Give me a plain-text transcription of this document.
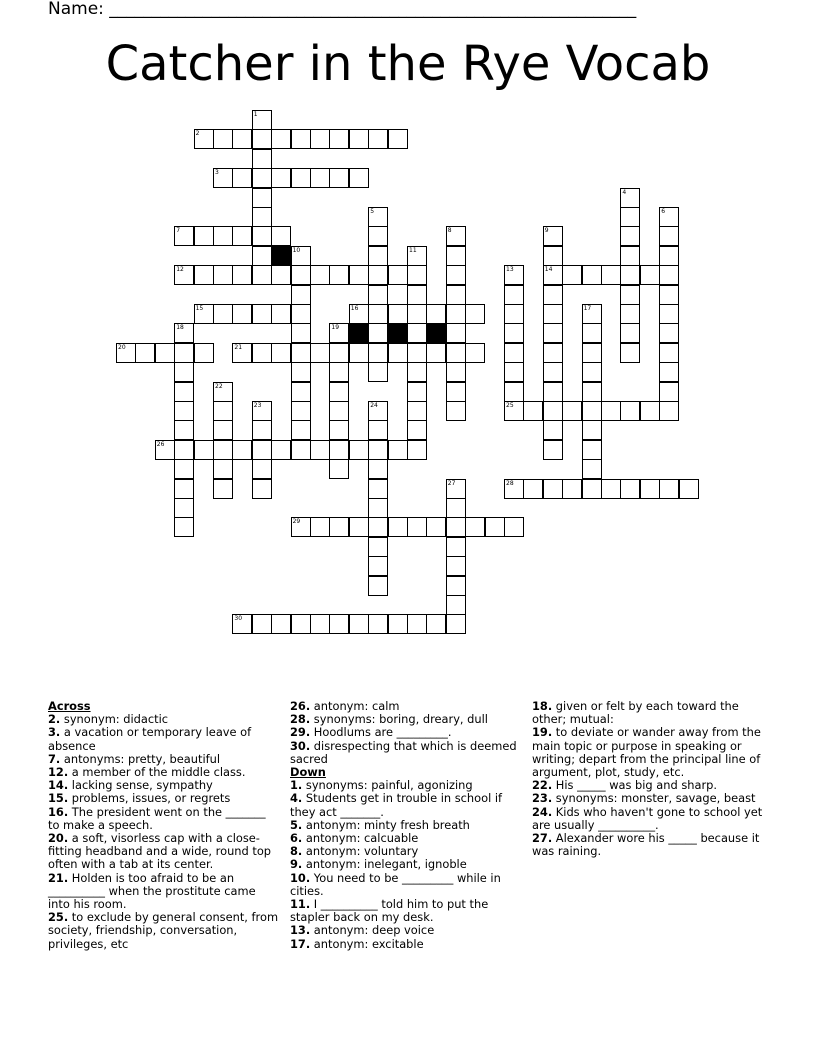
Name: ______________________________________________________________
Catcher in the Rye Vocab
1
2
3
4
5	6
7	8	9
14
10	11
12	13
25
15	16	17
18	19
20	21
22
23	24
26
27	28
29
30
Across
2. synonym: didactic
3. a vacation or temporary leave of absence
7. antonyms: pretty, beautiful
12. a member of the middle class.
14. lacking sense, sympathy
15. problems, issues, or regrets
16. The president went on the _______ to make a speech.
20. a soft, visorless cap with a close-fitting headband and a wide, round top often with a tab at its center.
21. Holden is too afraid to be an __________ when the prostitute came into his room.
25. to exclude by general consent, from society, friendship, conversation, privileges, etc
26. antonym: calm
28. synonyms: boring, dreary, dull
29. Hoodlums are _________.
30. disrespecting that which is deemed sacred
Down
1. synonyms: painful, agonizing
4. Students get in trouble in school if they act _______.
5. antonym: minty fresh breath
6. antonym: calcuable
8. antonym: voluntary
9. antonym: inelegant, ignoble
10. You need to be _________ while in cities.
11. I __________ told him to put the stapler back on my desk.
13. antonym: deep voice
17. antonym: excitable
18. given or felt by each toward the other; mutual:
19. to deviate or wander away from the main topic or purpose in speaking or writing; depart from the principal line of argument, plot, study, etc.
22. His _____ was big and sharp.
23. synonyms: monster, savage, beast
24. Kids who haven't gone to school yet are usually __________.
27. Alexander wore his _____ because it was raining.
